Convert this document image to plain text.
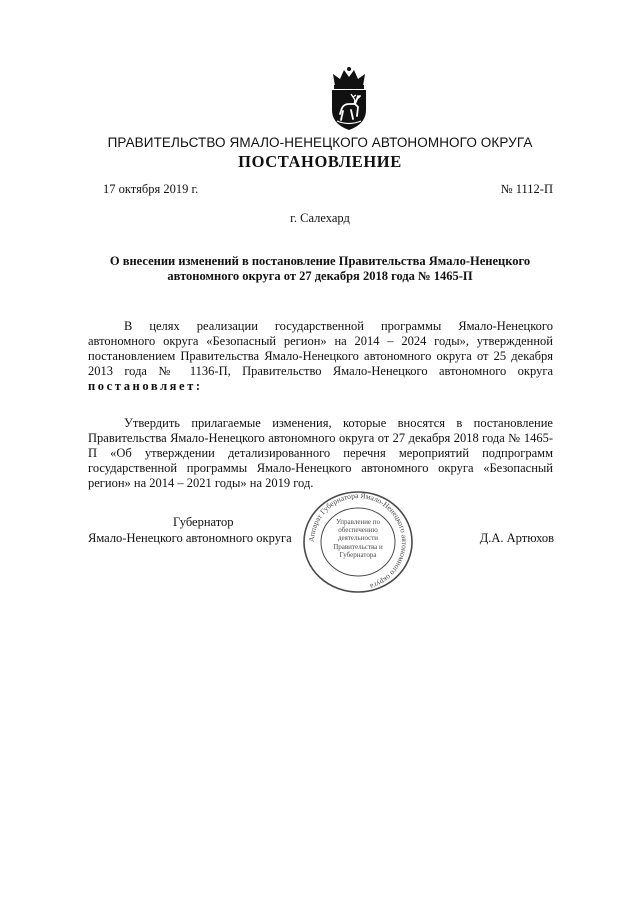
ПРАВИТЕЛЬСТВО ЯМАЛО-НЕНЕЦКОГО АВТОНОМНОГО ОКРУГА
ПОСТАНОВЛЕНИЕ
17 октября 2019 г.	№ 1112-П
г. Салехард
О внесении изменений в постановление Правительства Ямало-Ненецкого автономного округа от 27 декабря 2018 года № 1465-П

В целях реализации государственной программы Ямало-Ненецкого автономного округа «Безопасный регион» на 2014 – 2024 годы», утвержденной постановлением Правительства Ямало-Ненецкого автономного округа от 25 декабря 2013 года № 1136-П, Правительство Ямало-Ненецкого автономного округа постановляет:

Утвердить прилагаемые изменения, которые вносятся в постановление Правительства Ямало-Ненецкого автономного округа от 27 декабря 2018 года № 1465-П «Об утверждении детализированного перечня мероприятий подпрограмм государственной программы Ямало-Ненецкого автономного округа «Безопасный регион» на 2014 – 2021 годы» на 2019 год.

Губернатор
Ямало-Ненецкого автономного округа	Д.А. Артюхов
Аппарат Губернатора Ямало-Ненецкого автономного округа
Управление по обеспечению деятельности Правительства и Губернатора
